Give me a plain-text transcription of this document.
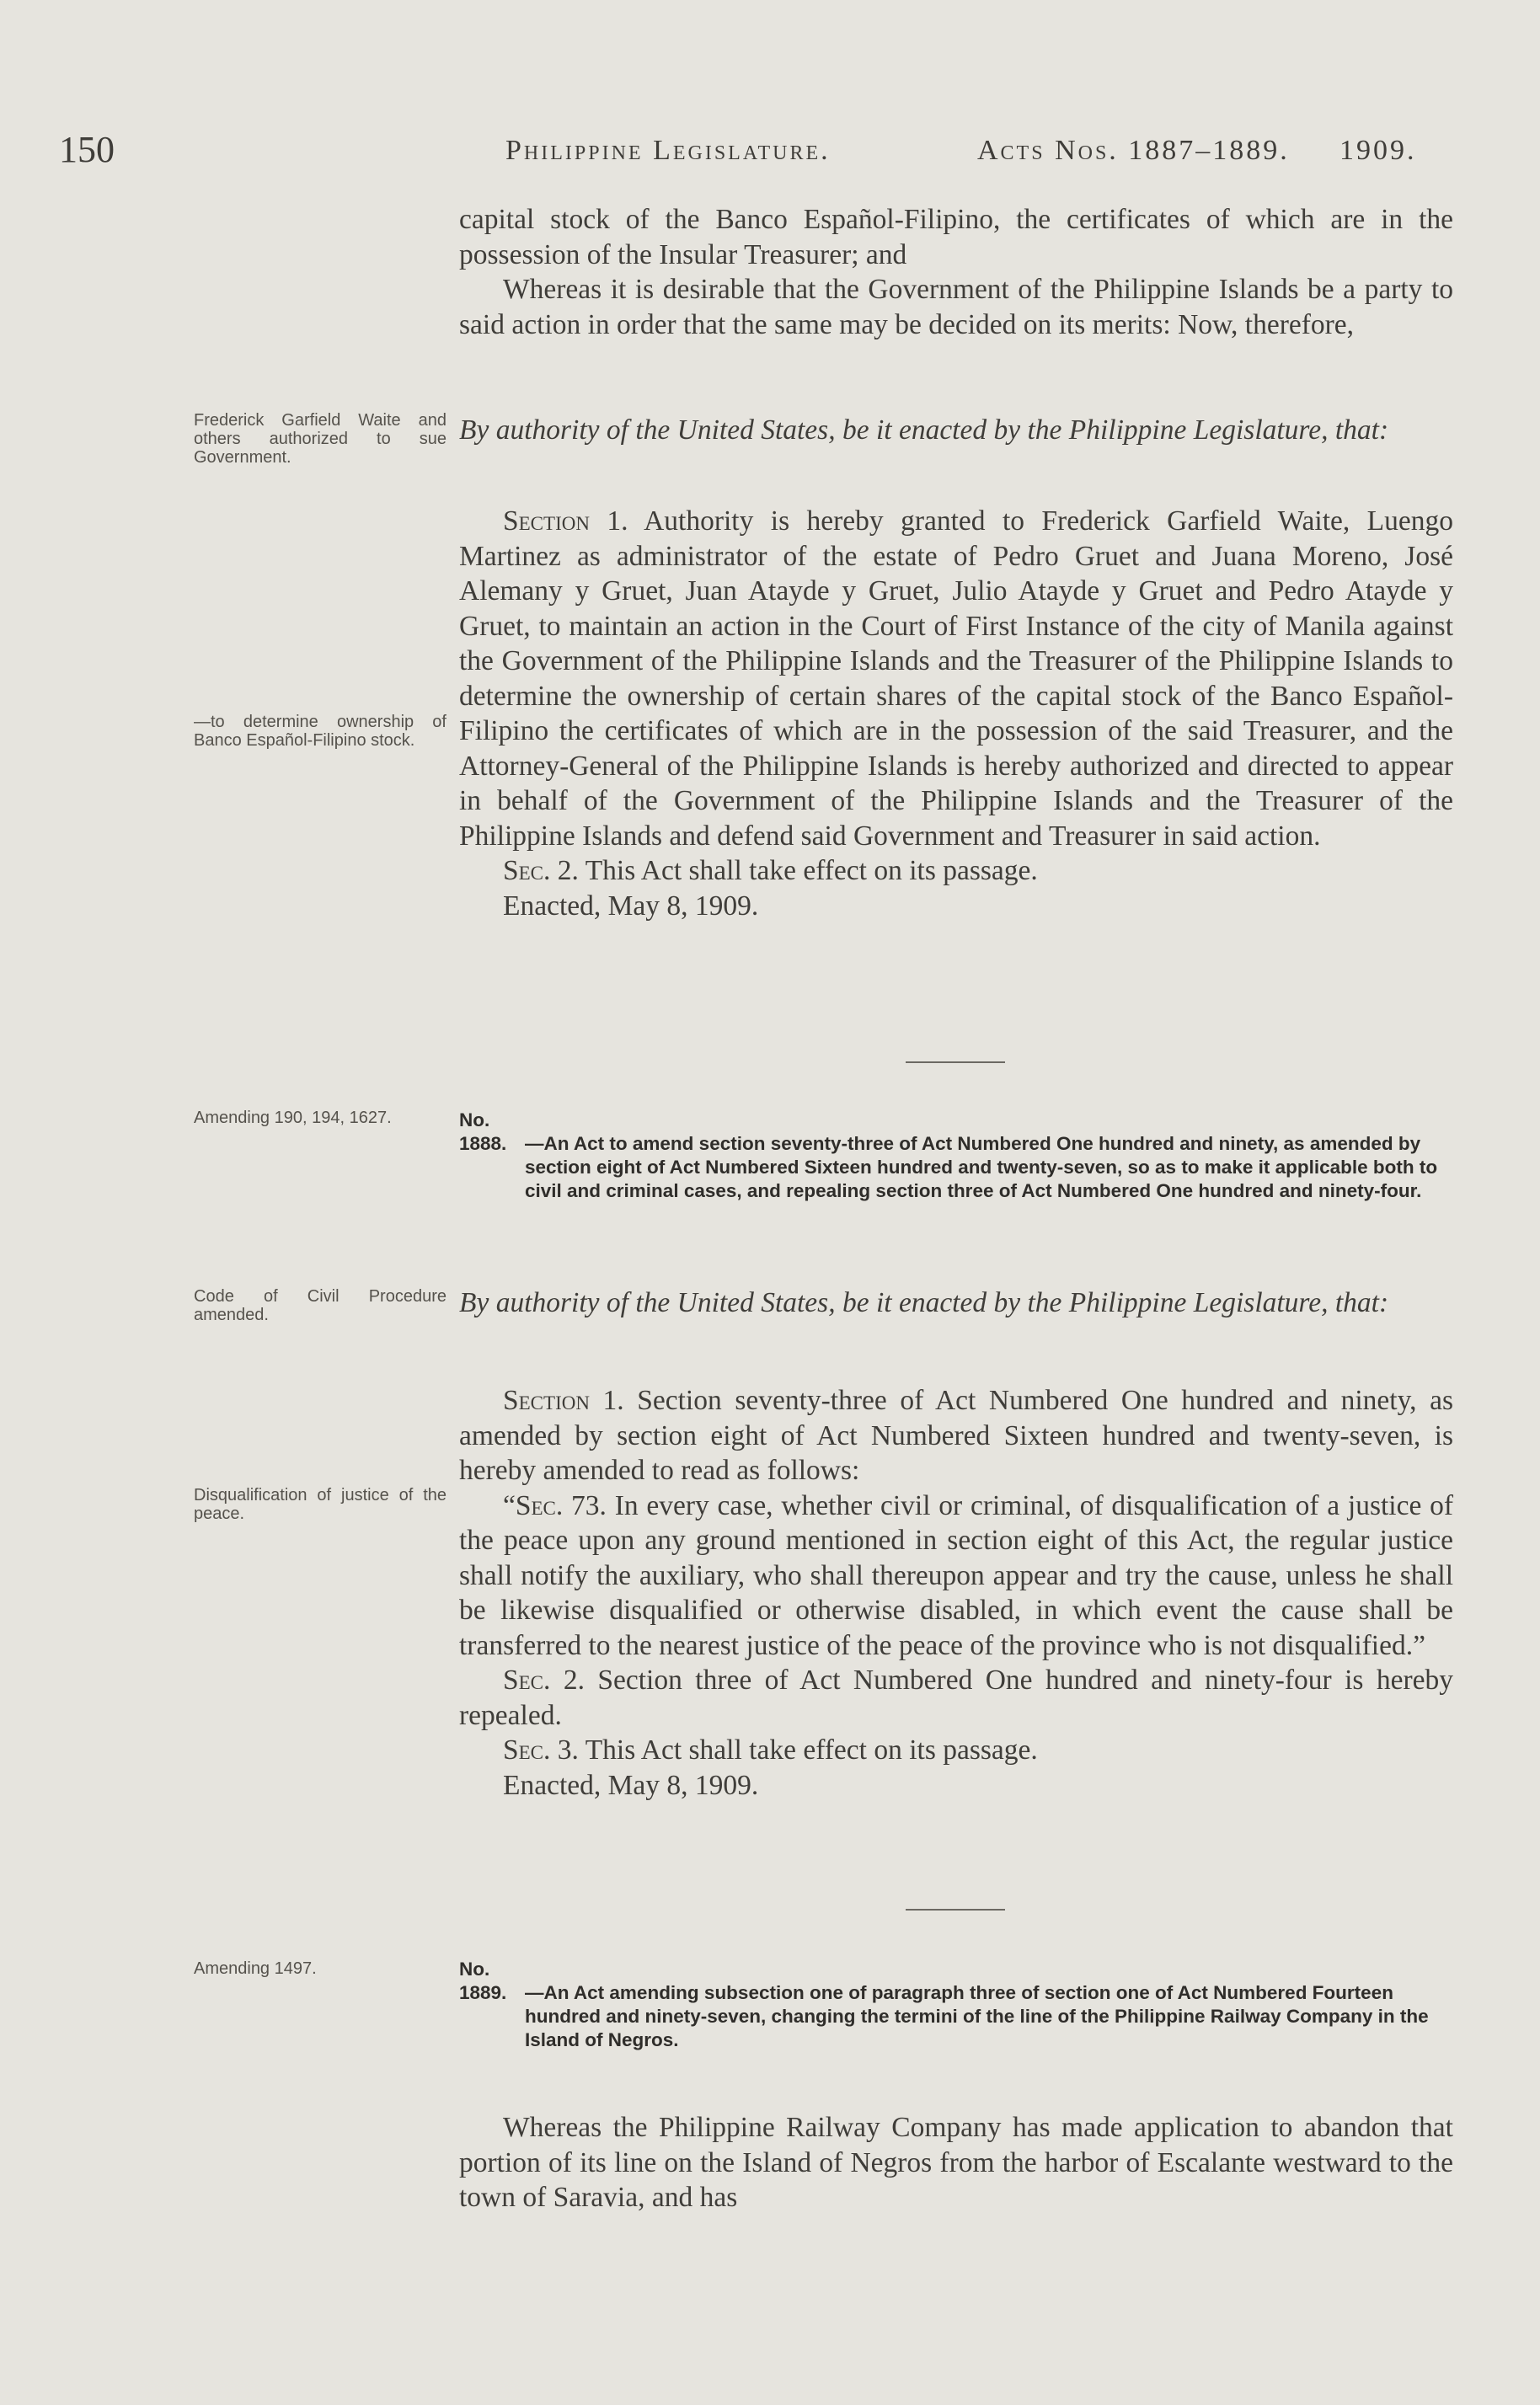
150	Philippine Legislature.	Acts Nos. 1887–1889.	1909.

capital stock of the Banco Español-Filipino, the certificates of which are in the possession of the Insular Treasurer; and

Whereas it is desirable that the Government of the Philippine Islands be a party to said action in order that the same may be decided on its merits: Now, therefore,

Frederick Garfield Waite and others authorized to sue Government.

By authority of the United States, be it enacted by the Philippine Legislature, that:

—to determine ownership of Banco Español-Filipino stock.

Section 1. Authority is hereby granted to Frederick Garfield Waite, Luengo Martinez as administrator of the estate of Pedro Gruet and Juana Moreno, José Alemany y Gruet, Juan Atayde y Gruet, Julio Atayde y Gruet and Pedro Atayde y Gruet, to maintain an action in the Court of First Instance of the city of Manila against the Government of the Philippine Islands and the Treasurer of the Philippine Islands to determine the ownership of certain shares of the capital stock of the Banco Español-Filipino the certificates of which are in the possession of the said Treasurer, and the Attorney-General of the Philippine Islands is hereby authorized and directed to appear in behalf of the Government of the Philippine Islands and the Treasurer of the Philippine Islands and defend said Government and Treasurer in said action.

Sec. 2. This Act shall take effect on its passage.

Enacted, May 8, 1909.

Amending 190, 194, 1627.	No. 1888. —An Act to amend section seventy-three of Act Numbered One hundred and ninety, as amended by section eight of Act Numbered Sixteen hundred and twenty-seven, so as to make it applicable both to civil and criminal cases, and repealing section three of Act Numbered One hundred and ninety-four.
Code of Civil Procedure amended.	By authority of the United States, be it enacted by the Philippine Legislature, that:

Disqualification of justice of the peace.

Section 1. Section seventy-three of Act Numbered One hundred and ninety, as amended by section eight of Act Numbered Sixteen hundred and twenty-seven, is hereby amended to read as follows:

“Sec. 73. In every case, whether civil or criminal, of disqualification of a justice of the peace upon any ground mentioned in section eight of this Act, the regular justice shall notify the auxiliary, who shall thereupon appear and try the cause, unless he shall be likewise disqualified or otherwise disabled, in which event the cause shall be transferred to the nearest justice of the peace of the province who is not disqualified.”

Sec. 2. Section three of Act Numbered One hundred and ninety-four is hereby repealed.

Sec. 3. This Act shall take effect on its passage.

Enacted, May 8, 1909.

Amending 1497.	No. 1889. —An Act amending subsection one of paragraph three of section one of Act Numbered Fourteen hundred and ninety-seven, changing the termini of the line of the Philippine Railway Company in the Island of Negros.

Whereas the Philippine Railway Company has made application to abandon that portion of its line on the Island of Negros from the harbor of Escalante westward to the town of Saravia, and has
